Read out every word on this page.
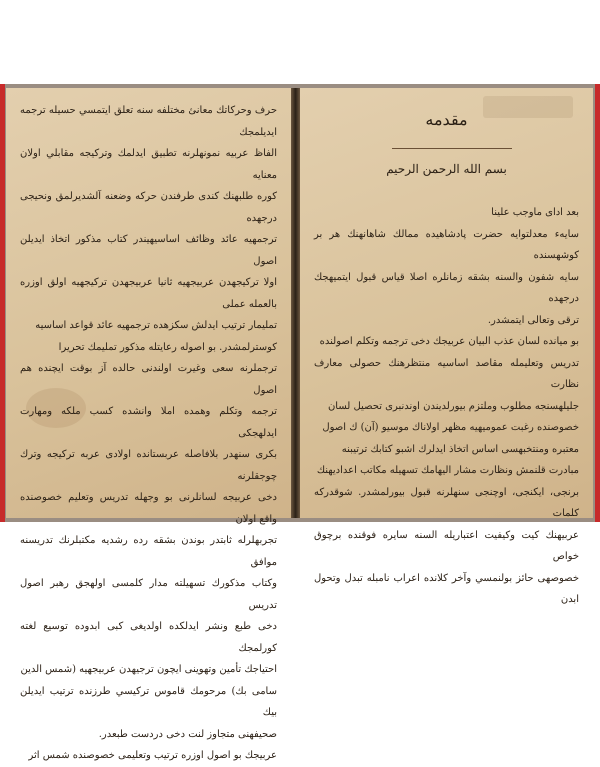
حرف وحركاتك معانئ مختلفه سنه تعلق ايتمسي حسيله ترجمه ايديلمجك

الفاظ عربيه نمونهلرنه تطبيق ايدلمك وتركيجه مقابلي اولان معنايه

كوره طلبهنك كندى طرفندن حركه وضعنه آلشديرلمق ونحيجى درجهده

ترجمهيه عائد وظائف اساسيهيندر كتاب مذكور اتخاذ ايديلن اصول

اولا تركيجهدن عربيجهيه ثانيا عربيجهدن تركيجهيه اولق اوزره بالعمله عملى

تمليمار ترتيب ايدلش سكزهده ترجمهيه عائد قواعد اساسيه

كوسترلمشدر. بو اصوله رعايتله مذكور تمليمك تحريرا

ترجملرنه سعى وغيرت اولندنى حالده آز بوقت ايچنده هم اصول

ترجمه وتكلم وهمده املا وانشده كسب ملكه ومهارت ايدلهجكى

بكرى سنهدر بلافاصله عربستانده اولادى عربه تركيجه وترك چوجقلرنه

دخى عربيجه لسانلرنى بو وجهله تدريس وتعليم خصوصنده واقع اولان

تجربهلرله ثابتدر بوندن بشقه رده رشديه مكتبلرنك تدريسنه موافق

وكتاب مذكورك تسهيلته مدار كلمسى اولهجق رهبر اصول تدريس

دخى طبع ونشر ايدلكده اولديغى كبى ابدوده توسيع لغته كورلمجك

احتياجك تأمين وتهوينى ايچون ترجيهدن عربيجهيه (شمس الدين

سامى بك) مرحومك قاموس تركيسي طرزنده ترتيب ايديلن بيك

صحيفهنى متجاوز لنت دخى دردست طبعدر.

عربيجك بو اصول اوزره ترتيب وتعليمى خصوصنده شمس اثر

مقدمه
بسم الله الرحمن الرحيم

بعد اداى ماوجب علينا

سايهء معدلتوايه حضرت پادشاهيده ممالك شاهانهنك هر بر كوشهسنده

سايه شفون والسنه بشقه زمانلره اصلا قياس قبول ايتميهجك درجهده

ترقى وتعالى ايتمشدر.

بو ميانده لسان عذب البيان عربيجك دخى ترجمه وتكلم اصولنده

تدريس وتعليمله مقاصد اساسيه منتظرهنك حصولى معارف نظارت

جليلهسنجه مطلوب وملتزم بيورلديندن اوندنبرى تحصيل لسان

خصوصنده رغبت عموميهيه مظهر اولاناك موسيو (آن) ك اصول

معتبره ومنتخبهسى اساس اتخاذ ايدلرك اشبو كتابك ترتيبنه

مبادرت قلنمش ونظارت مشار اليهامك تسهيله مكاتب اعداديهنك

برنجى، ايكنجى، اوچنجى سنهلرنه قبول بيورلمشدر. شوقدركه كلمات

عربيهنك كيت وكيفيت اعتباريله السنه سايره فوقنده برچوق خواص

خصوصهى حائز بولنمسي وآخر كلانده اعراب نامبله تبدل وتحول ابدن
